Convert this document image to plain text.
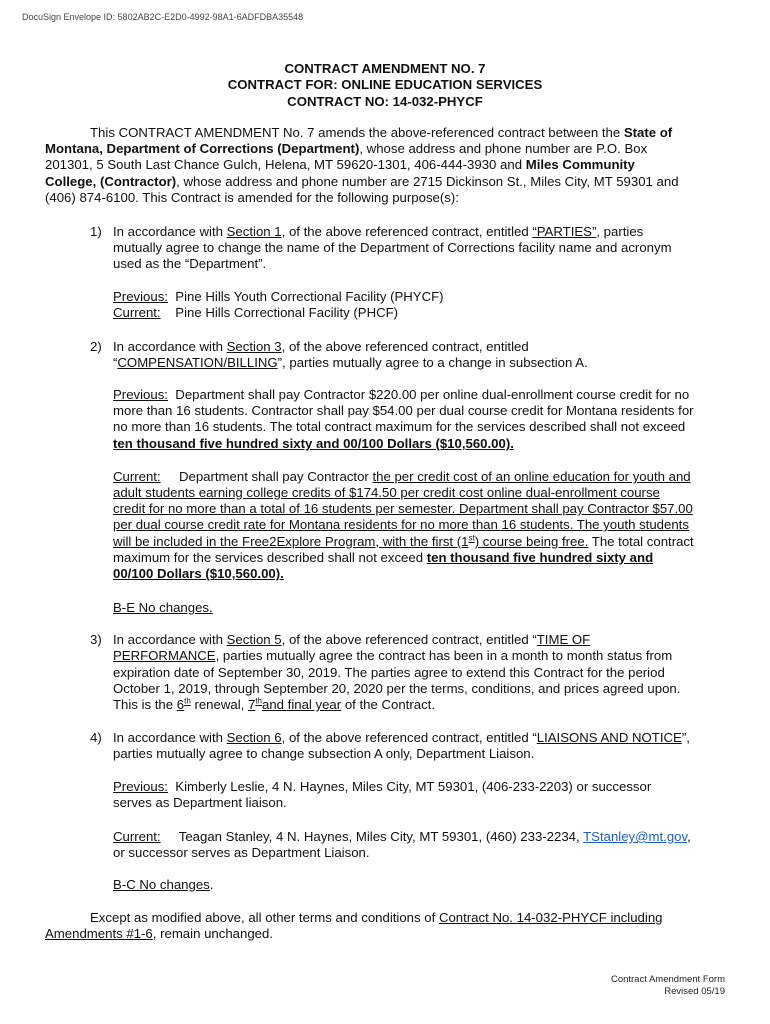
DocuSign Envelope ID: 5802AB2C-E2D0-4992-98A1-6ADFDBA35548
CONTRACT AMENDMENT NO. 7
CONTRACT FOR: ONLINE EDUCATION SERVICES
CONTRACT NO: 14-032-PHYCF
This CONTRACT AMENDMENT No. 7 amends the above-referenced contract between the State of
Montana, Department of Corrections (Department), whose address and phone number are P.O. Box
201301, 5 South Last Chance Gulch, Helena, MT 59620-1301, 406-444-3930 and Miles Community
College, (Contractor), whose address and phone number are 2715 Dickinson St., Miles City, MT 59301 and
(406) 874-6100. This Contract is amended for the following purpose(s):
1) In accordance with Section 1, of the above referenced contract, entitled “PARTIES”, parties
mutually agree to change the name of the Department of Corrections facility name and acronym
used as the “Department”.
Previous:  Pine Hills Youth Correctional Facility (PHYCF)
Current:    Pine Hills Correctional Facility (PHCF)
2) In accordance with Section 3, of the above referenced contract, entitled
“COMPENSATION/BILLING”, parties mutually agree to a change in subsection A.
Previous:  Department shall pay Contractor $220.00 per online dual-enrollment course credit for no
more than 16 students. Contractor shall pay $54.00 per dual course credit for Montana residents for
no more than 16 students. The total contract maximum for the services described shall not exceed
ten thousand five hundred sixty and 00/100 Dollars ($10,560.00).
Current:     Department shall pay Contractor the per credit cost of an online education for youth and
adult students earning college credits of $174.50 per credit cost online dual-enrollment course
credit for no more than a total of 16 students per semester. Department shall pay Contractor $57.00
per dual course credit rate for Montana residents for no more than 16 students. The youth students
will be included in the Free2Explore Program, with the first (1st) course being free. The total contract
maximum for the services described shall not exceed ten thousand five hundred sixty and
00/100 Dollars ($10,560.00).
B-E No changes.
3) In accordance with Section 5, of the above referenced contract, entitled “TIME OF
PERFORMANCE, parties mutually agree the contract has been in a month to month status from
expiration date of September 30, 2019. The parties agree to extend this Contract for the period
October 1, 2019, through September 20, 2020 per the terms, conditions, and prices agreed upon.
This is the 6th renewal, 7thand final year of the Contract.
4) In accordance with Section 6, of the above referenced contract, entitled “LIAISONS AND NOTICE”,
parties mutually agree to change subsection A only, Department Liaison.
Previous:  Kimberly Leslie, 4 N. Haynes, Miles City, MT 59301, (406-233-2203) or successor
serves as Department liaison.
Current:     Teagan Stanley, 4 N. Haynes, Miles City, MT 59301, (460) 233-2234, TStanley@mt.gov,
or successor serves as Department Liaison.
B-C No changes.
Except as modified above, all other terms and conditions of Contract No. 14-032-PHYCF including
Amendments #1-6, remain unchanged.
Contract Amendment Form
Revised 05/19
